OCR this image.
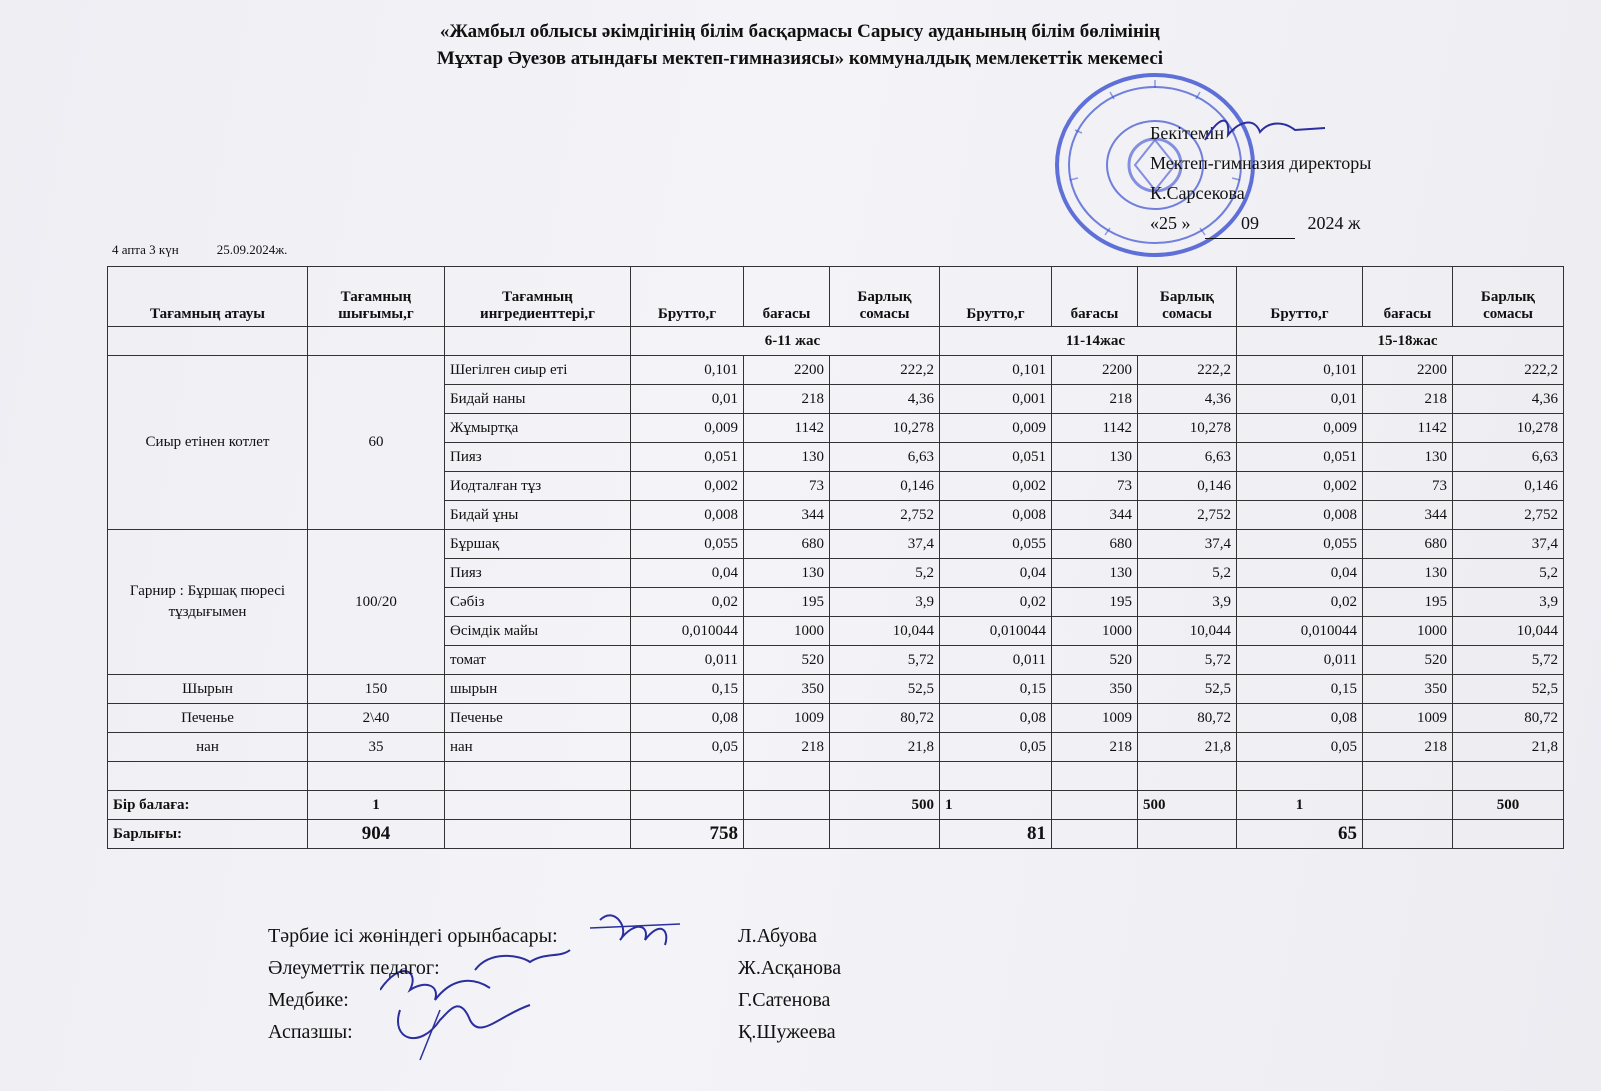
«Жамбыл облысы әкімдігінің білім басқармасы Сарысу ауданының білім бөлімінің
Мұхтар Әуезов атындағы мектеп-гимназиясы» коммуналдық мемлекеттік мекемесі
Бекітемін
Мектеп-гимназия директоры
К.Сарсекова
«25 »	09	2024 ж
4 апта 3 күн	25.09.2024ж.
Тағамның атауы	Тағамның шығымы,г	Тағамның ингредиенттері,г	Брутто,г	бағасы	Барлық сомасы	Брутто,г	бағасы	Барлық сомасы	Брутто,г	бағасы	Барлық сомасы
			6-11 жас			11-14жас			15-18жас		
Сиыр етінен котлет	60	Шегілген сиыр еті	0,101	2200	222,2	0,101	2200	222,2	0,101	2200	222,2
		Бидай наны	0,01	218	4,36	0,001	218	4,36	0,01	218	4,36
		Жұмыртқа	0,009	1142	10,278	0,009	1142	10,278	0,009	1142	10,278
		Пияз	0,051	130	6,63	0,051	130	6,63	0,051	130	6,63
		Иодталған тұз	0,002	73	0,146	0,002	73	0,146	0,002	73	0,146
		Бидай ұны	0,008	344	2,752	0,008	344	2,752	0,008	344	2,752
Гарнир : Бұршақ пюресі тұздығымен	100/20	Бұршақ	0,055	680	37,4	0,055	680	37,4	0,055	680	37,4
		Пияз	0,04	130	5,2	0,04	130	5,2	0,04	130	5,2
		Сәбіз	0,02	195	3,9	0,02	195	3,9	0,02	195	3,9
		Өсімдік майы	0,010044	1000	10,044	0,010044	1000	10,044	0,010044	1000	10,044
		томат	0,011	520	5,72	0,011	520	5,72	0,011	520	5,72
Шырын	150	шырын	0,15	350	52,5	0,15	350	52,5	0,15	350	52,5
Печенье	2\40	Печенье	0,08	1009	80,72	0,08	1009	80,72	0,08	1009	80,72
нан	35	нан	0,05	218	21,8	0,05	218	21,8	0,05	218	21,8

Бір балаға:	1				500	1		500	1		500
Барлығы:	904		758			81			65		
Тәрбие ісі жөніндегі орынбасары:	Л.Абуова
Әлеуметтік педагог:	Ж.Асқанова
Медбике:	Г.Сатенова
Аспазшы:	Қ.Шужеева
